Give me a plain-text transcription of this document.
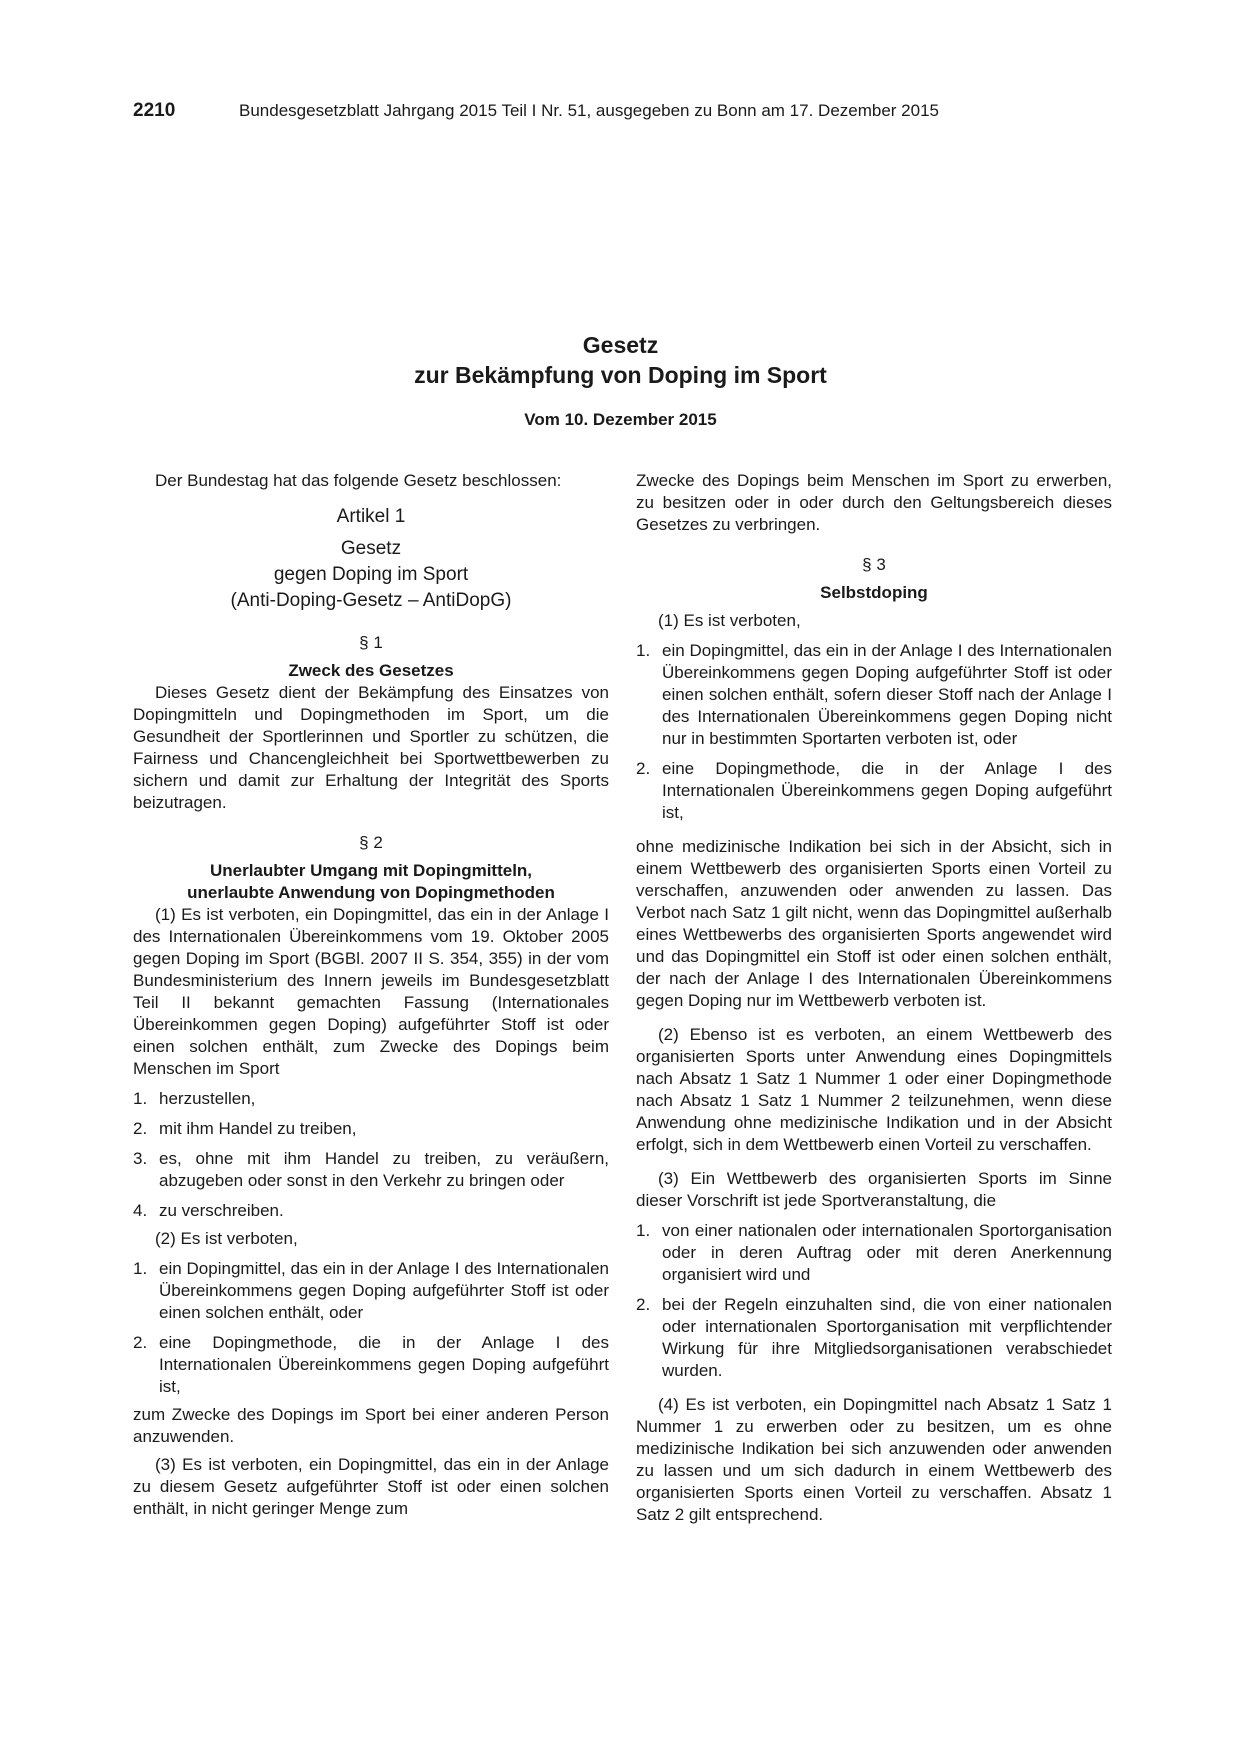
2210	Bundesgesetzblatt Jahrgang 2015 Teil I Nr. 51, ausgegeben zu Bonn am 17. Dezember 2015
Gesetz
zur Bekämpfung von Doping im Sport
Vom 10. Dezember 2015

Der Bundestag hat das folgende Gesetz beschlossen:

Artikel 1
Gesetz
gegen Doping im Sport
(Anti-Doping-Gesetz – AntiDopG)

§ 1

Zweck des Gesetzes

Dieses Gesetz dient der Bekämpfung des Einsatzes von Dopingmitteln und Dopingmethoden im Sport, um die Gesundheit der Sportlerinnen und Sportler zu schützen, die Fairness und Chancengleichheit bei Sportwettbewerben zu sichern und damit zur Erhaltung der Integrität des Sports beizutragen.

§ 2

Unerlaubter Umgang mit Dopingmitteln,

unerlaubte Anwendung von Dopingmethoden

(1) Es ist verboten, ein Dopingmittel, das ein in der Anlage I des Internationalen Übereinkommens vom 19. Oktober 2005 gegen Doping im Sport (BGBl. 2007 II S. 354, 355) in der vom Bundesministerium des Innern jeweils im Bundesgesetzblatt Teil II bekannt gemachten Fassung (Internationales Übereinkommen gegen Doping) aufgeführter Stoff ist oder einen solchen enthält, zum Zwecke des Dopings beim Menschen im Sport

1. herzustellen,
2. mit ihm Handel zu treiben,
3. es, ohne mit ihm Handel zu treiben, zu veräußern, abzugeben oder sonst in den Verkehr zu bringen oder
4. zu verschreiben.

(2) Es ist verboten,

1. ein Dopingmittel, das ein in der Anlage I des Internationalen Übereinkommens gegen Doping aufgeführter Stoff ist oder einen solchen enthält, oder
2. eine Dopingmethode, die in der Anlage I des Internationalen Übereinkommens gegen Doping aufgeführt ist,

zum Zwecke des Dopings im Sport bei einer anderen Person anzuwenden.

(3) Es ist verboten, ein Dopingmittel, das ein in der Anlage zu diesem Gesetz aufgeführter Stoff ist oder einen solchen enthält, in nicht geringer Menge zum

Zwecke des Dopings beim Menschen im Sport zu erwerben, zu besitzen oder in oder durch den Geltungsbereich dieses Gesetzes zu verbringen.

§ 3

Selbstdoping

(1) Es ist verboten,

1. ein Dopingmittel, das ein in der Anlage I des Internationalen Übereinkommens gegen Doping aufgeführter Stoff ist oder einen solchen enthält, sofern dieser Stoff nach der Anlage I des Internationalen Übereinkommens gegen Doping nicht nur in bestimmten Sportarten verboten ist, oder
2. eine Dopingmethode, die in der Anlage I des Internationalen Übereinkommens gegen Doping aufgeführt ist,

ohne medizinische Indikation bei sich in der Absicht, sich in einem Wettbewerb des organisierten Sports einen Vorteil zu verschaffen, anzuwenden oder anwenden zu lassen. Das Verbot nach Satz 1 gilt nicht, wenn das Dopingmittel außerhalb eines Wettbewerbs des organisierten Sports angewendet wird und das Dopingmittel ein Stoff ist oder einen solchen enthält, der nach der Anlage I des Internationalen Übereinkommens gegen Doping nur im Wettbewerb verboten ist.

(2) Ebenso ist es verboten, an einem Wettbewerb des organisierten Sports unter Anwendung eines Dopingmittels nach Absatz 1 Satz 1 Nummer 1 oder einer Dopingmethode nach Absatz 1 Satz 1 Nummer 2 teilzunehmen, wenn diese Anwendung ohne medizinische Indikation und in der Absicht erfolgt, sich in dem Wettbewerb einen Vorteil zu verschaffen.

(3) Ein Wettbewerb des organisierten Sports im Sinne dieser Vorschrift ist jede Sportveranstaltung, die

1. von einer nationalen oder internationalen Sportorganisation oder in deren Auftrag oder mit deren Anerkennung organisiert wird und
2. bei der Regeln einzuhalten sind, die von einer nationalen oder internationalen Sportorganisation mit verpflichtender Wirkung für ihre Mitgliedsorganisationen verabschiedet wurden.

(4) Es ist verboten, ein Dopingmittel nach Absatz 1 Satz 1 Nummer 1 zu erwerben oder zu besitzen, um es ohne medizinische Indikation bei sich anzuwenden oder anwenden zu lassen und um sich dadurch in einem Wettbewerb des organisierten Sports einen Vorteil zu verschaffen. Absatz 1 Satz 2 gilt entsprechend.
